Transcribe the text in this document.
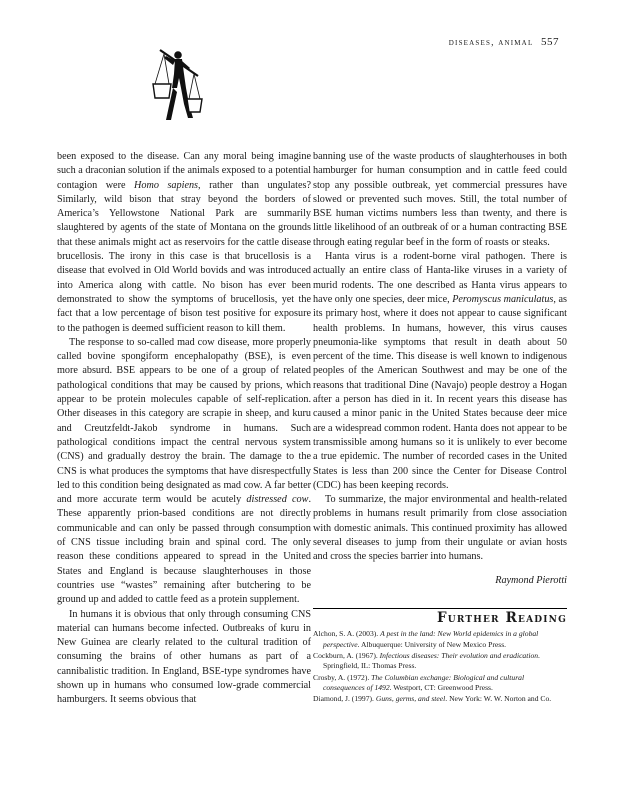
diseases, animal 557

been exposed to the disease. Can any moral being imagine such a draconian solution if the animals exposed to a potential contagion were Homo sapiens, rather than ungulates? Similarly, wild bison that stray beyond the borders of America’s Yellowstone National Park are summarily slaughtered by agents of the state of Montana on the grounds that these animals might act as reservoirs for the cattle disease brucellosis. The irony in this case is that brucellosis is a disease that evolved in Old World bovids and was introduced into America along with cattle. No bison has ever been demonstrated to show the symptoms of brucellosis, yet the fact that a low percentage of bison test positive for exposure to the pathogen is deemed sufficient reason to kill them.

The response to so-called mad cow disease, more properly called bovine spongiform encephalopathy (BSE), is even more absurd. BSE appears to be one of a group of related pathological conditions that may be caused by prions, which appear to be protein molecules capable of self-replication. Other diseases in this category are scrapie in sheep, and kuru and Creutzfeldt-Jakob syndrome in humans. Such pathological conditions impact the central nervous system (CNS) and gradually destroy the brain. The damage to the CNS is what produces the symptoms that have disrespectfully led to this condition being designated as mad cow. A far better and more accurate term would be acutely distressed cow. These apparently prion-based conditions are not directly communicable and can only be passed through consumption of CNS tissue including brain and spinal cord. The only reason these conditions appeared to spread in the United States and England is because slaughterhouses in those countries use “wastes” remaining after butchering to be ground up and added to cattle feed as a protein supplement.

In humans it is obvious that only through consuming CNS material can humans become infected. Outbreaks of kuru in New Guinea are clearly related to the cultural tradition of consuming the brains of other humans as part of a cannibalistic tradition. In England, BSE-type syndromes have shown up in humans who consumed low-grade commercial hamburgers. It seems obvious that

banning use of the waste products of slaughterhouses in both hamburger for human consumption and in cattle feed could stop any possible outbreak, yet commercial pressures have slowed or prevented such moves. Still, the total number of BSE human victims numbers less than twenty, and there is little likelihood of an outbreak of or a human contracting BSE through eating regular beef in the form of roasts or steaks.

Hanta virus is a rodent-borne viral pathogen. There is actually an entire class of Hanta-like viruses in a variety of murid rodents. The one described as Hanta virus appears to have only one species, deer mice, Peromyscus maniculatus, as its primary host, where it does not appear to cause significant health problems. In humans, however, this virus causes pneumonia-like symptoms that result in death about 50 percent of the time. This disease is well known to indigenous peoples of the American Southwest and may be one of the reasons that traditional Dine (Navajo) people destroy a Hogan after a person has died in it. In recent years this disease has caused a minor panic in the United States because deer mice are a widespread common rodent. Hanta does not appear to be transmissible among humans so it is unlikely to ever become a true epidemic. The number of recorded cases in the United States is less than 200 since the Center for Disease Control (CDC) has been keeping records.

To summarize, the major environmental and health-related problems in humans result primarily from close association with domestic animals. This continued proximity has allowed several diseases to jump from their ungulate or avian hosts and cross the species barrier into humans.

Raymond Pierotti

Further Reading
Alchon, S. A. (2003). A pest in the land: New World epidemics in a global perspective. Albuquerque: University of New Mexico Press.
Cockburn, A. (1967). Infectious diseases: Their evolution and eradication. Springfield, IL: Thomas Press.
Crosby, A. (1972). The Columbian exchange: Biological and cultural consequences of 1492. Westport, CT: Greenwood Press.
Diamond, J. (1997). Guns, germs, and steel. New York: W. W. Norton and Co.
